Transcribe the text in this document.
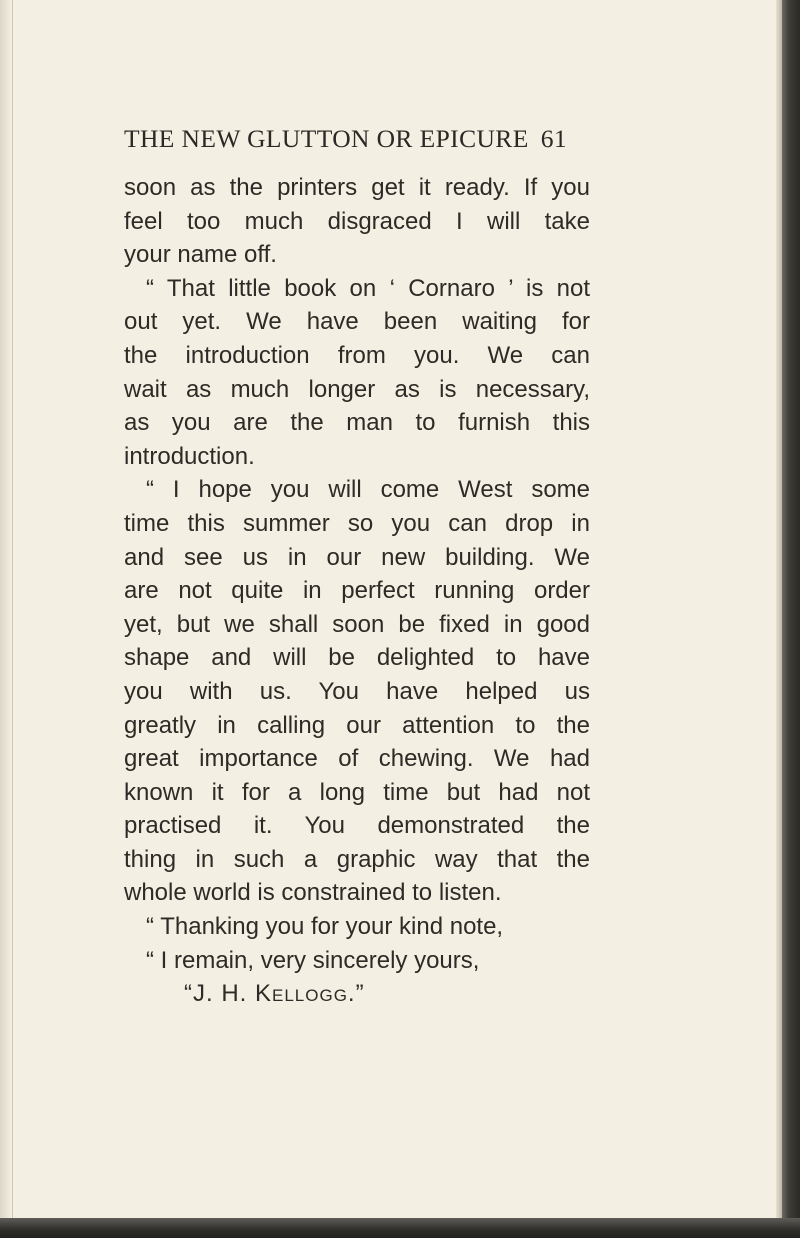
THE NEW GLUTTON OR EPICURE 61
soon as the printers get it ready. If you
feel too much disgraced I will take
your name off.
“ That little book on ‘ Cornaro ’ is not
out yet. We have been waiting for
the introduction from you. We can
wait as much longer as is necessary,
as you are the man to furnish this
introduction.
“ I hope you will come West some
time this summer so you can drop in
and see us in our new building. We
are not quite in perfect running order
yet, but we shall soon be fixed in good
shape and will be delighted to have
you with us. You have helped us
greatly in calling our attention to the
great importance of chewing. We had
known it for a long time but had not
practised it. You demonstrated the
thing in such a graphic way that the
whole world is constrained to listen.
“ Thanking you for your kind note,
“ I remain, very sincerely yours,
“J. H. Kellogg.”
